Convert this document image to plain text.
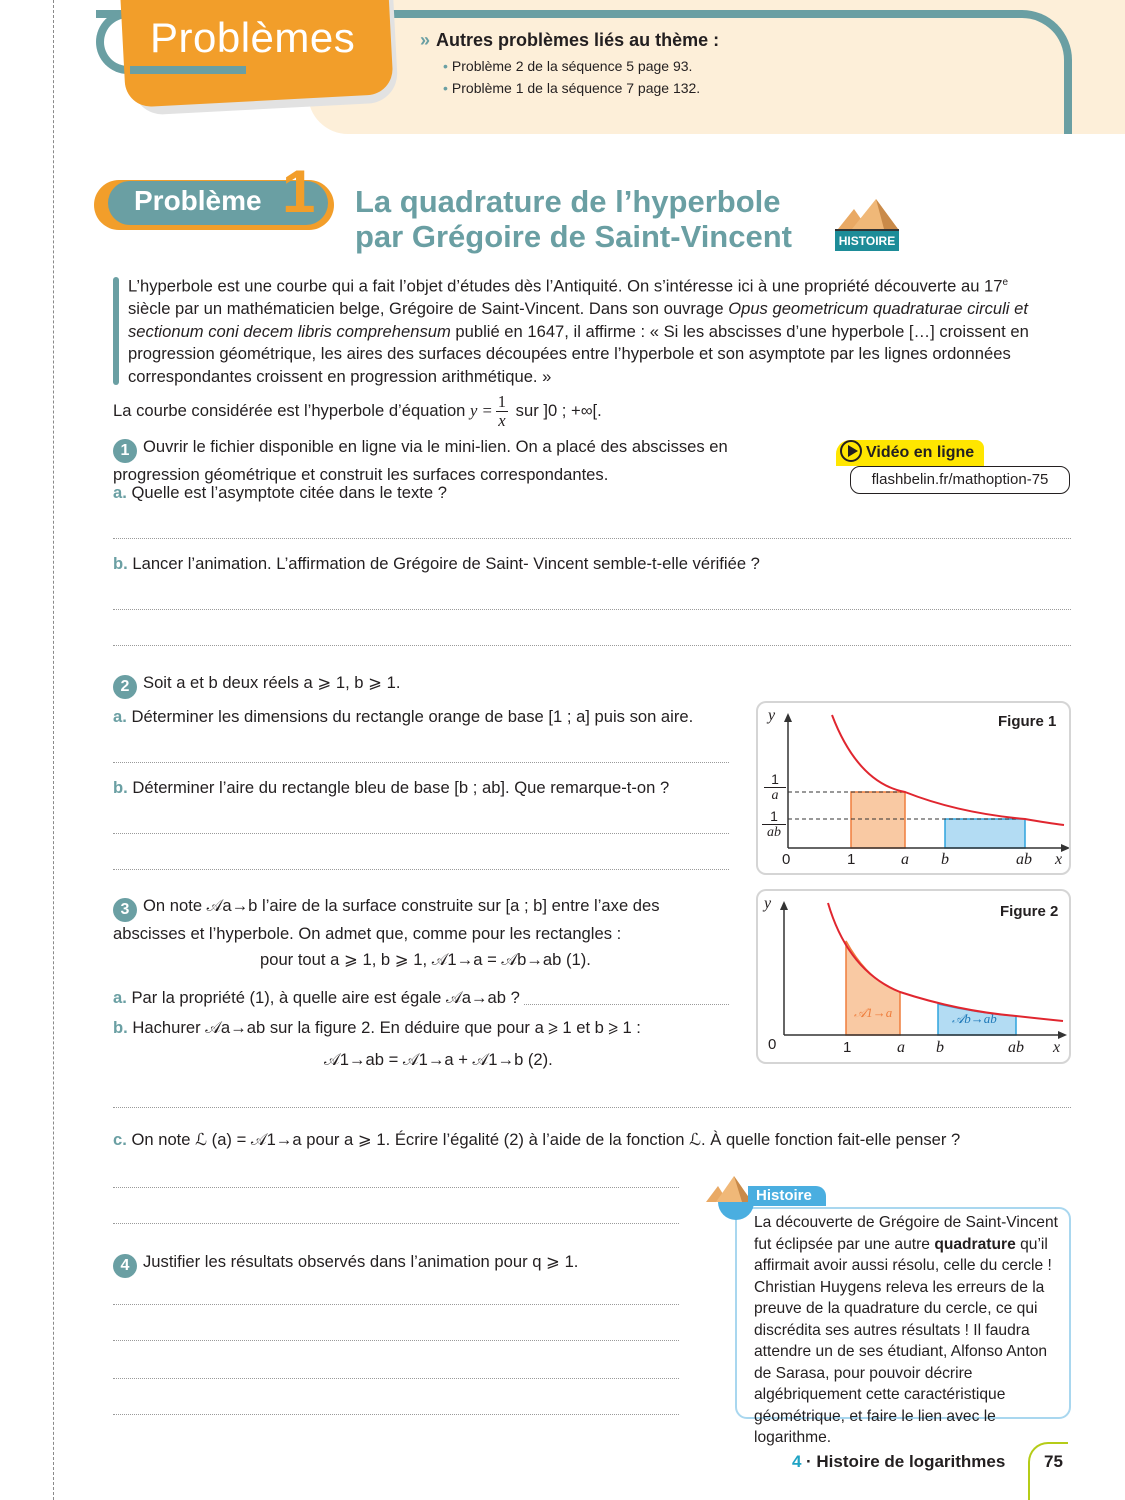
Problèmes	» Autres problèmes liés au thème :
• Problème 2 de la séquence 5 page 93.
• Problème 1 de la séquence 7 page 132.
Problème 1 La quadrature de l’hyperbole
par Grégoire de Saint-Vincent	HISTOIRE
L’hyperbole est une courbe qui a fait l’objet d’études dès l’Antiquité. On s’intéresse ici à une propriété découverte au 17e siècle par un mathématicien belge, Grégoire de Saint-Vincent. Dans son ouvrage Opus geometricum quadraturae circuli et sectionum coni decem libris comprehensum publié en 1647, il affirme : « Si les abscisses d’une hyperbole […] croissent en progression géométrique, les aires des surfaces découpées entre l’hyperbole et son asymptote par les lignes ordonnées correspondantes croissent en progression arithmétique. »
La courbe considérée est l’hyperbole d’équation $y = \frac{1}{x}$ sur ]0 ; +∞[.
1 Ouvrir le fichier disponible en ligne via le mini-lien. On a placé des abscisses en progression géométrique et construit les surfaces correspondantes.
a. Quelle est l’asymptote citée dans le texte ?
Vidéo en ligne
flashbelin.fr/mathoption-75
b. Lancer l’animation. L’affirmation de Grégoire de Saint- Vincent semble-t-elle vérifiée ?
2 Soit a et b deux réels a ⩾ 1, b ⩾ 1.
a. Déterminer les dimensions du rectangle orange de base [1 ; a] puis son aire.
b. Déterminer l’aire du rectangle bleu de base [b ; ab]. Que remarque-t-on ?
Figure 1
y
x
0	1	a b	ab
1
a
1
ab
Figure 2
y
x
0	1	a b	ab
𝒜1→a	𝒜b→ab
3 On note 𝒜a→b l’aire de la surface construite sur [a ; b] entre l’axe des abscisses et l’hyperbole. On admet que, comme pour les rectangles :
pour tout a ⩾ 1, b ⩾ 1, 𝒜1→a = 𝒜b→ab (1).
a. Par la propriété (1), à quelle aire est égale 𝒜a→ab ?
b. Hachurer 𝒜a→ab sur la figure 2. En déduire que pour a ⩾ 1 et b ⩾ 1 :
𝒜1→ab = 𝒜1→a + 𝒜1→b (2).
c. On note ℒ (a) = 𝒜1→a pour a ⩾ 1. Écrire l’égalité (2) à l’aide de la fonction ℒ. À quelle fonction fait-elle penser ?
4 Justifier les résultats observés dans l’animation pour q ⩾ 1.
Histoire
La découverte de Grégoire de Saint-Vincent fut éclipsée par une autre quadrature qu’il affirmait avoir aussi résolu, celle du cercle ! Christian Huygens releva les erreurs de la preuve de la quadrature du cercle, ce qui discrédita ses autres résultats ! Il faudra attendre un de ses étudiant, Alfonso Anton de Sarasa, pour pouvoir décrire algébriquement cette caractéristique géométrique, et faire le lien avec le logarithme.
4 · Histoire de logarithmes 75
